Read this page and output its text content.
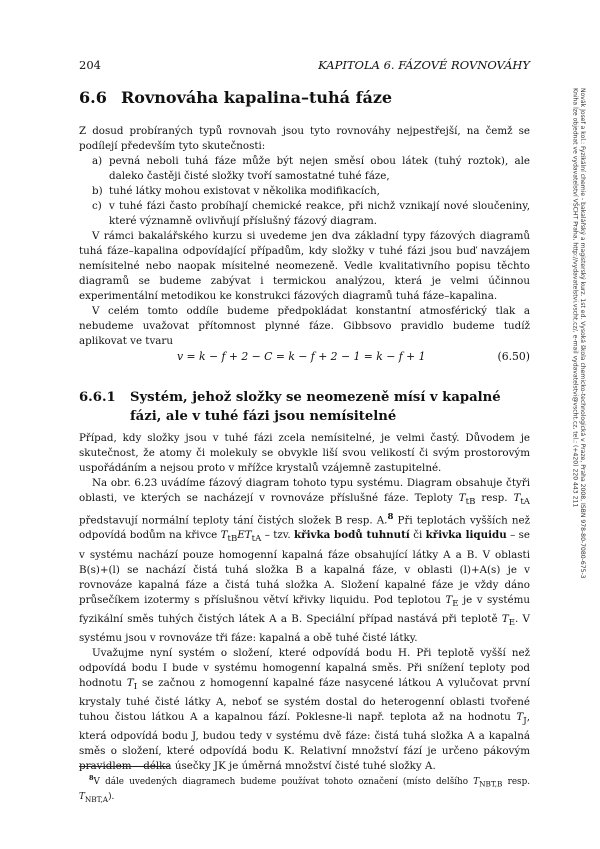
204	KAPITOLA 6. FÁZOVÉ ROVNOVÁHY
Novák Josef a kol.: Fyzikální chemie - bakalářský a magisterský kurz. 1st ed. Vysoká škola chemicko-technologická v Praze, Praha 2008, ISBN 978-80-7080-675-3
Kniha lze objednat ve vydavatelství VŠCHT Praha, http://vydavatelstvi.vscht.cz/, e-mail vydavatelstvi@vscht.cz, tel.: (+420) 220 443 211
6.6 Rovnováha kapalina–tuhá fáze

Z dosud probíraných typů rovnovah jsou tyto rovnováhy nejpestřejší, na čemž se podílejí především tyto skutečnosti:

a) pevná neboli tuhá fáze může být nejen směsí obou látek (tuhý roztok), ale daleko častěji čisté složky tvoří samostatné tuhé fáze,
b) tuhé látky mohou existovat v několika modifikacích,
c) v tuhé fázi často probíhají chemické reakce, při nichž vznikají nové sloučeniny, které významně ovlivňují příslušný fázový diagram.

V rámci bakalářského kurzu si uvedeme jen dva základní typy fázových diagramů tuhá fáze–kapalina odpovídající případům, kdy složky v tuhé fázi jsou buď navzájem nemísitelné nebo naopak mísitelné neomezeně. Vedle kvalitativního popisu těchto diagramů se budeme zabývat i termickou analýzou, která je velmi účinnou experimentální metodikou ke konstrukci fázových diagramů tuhá fáze–kapalina.

V celém tomto oddíle budeme předpokládat konstantní atmosférický tlak a nebudeme uvažovat přítomnost plynné fáze. Gibbsovo pravidlo budeme tudíž aplikovat ve tvaru

v = k − f + 2 − C = k − f + 2 − 1 = k − f + 1	(6.50)
6.6.1 Systém, jehož složky se neomezeně mísí v kapalné fázi, ale v tuhé fázi jsou nemísitelné

Případ, kdy složky jsou v tuhé fázi zcela nemísitelné, je velmi častý. Důvodem je skutečnost, že atomy či molekuly se obvykle liší svou velikostí či svým prostorovým uspořádáním a nejsou proto v mřížce krystalů vzájemně zastupitelné.

Na obr. 6.23 uvádíme fázový diagram tohoto typu systému. Diagram obsahuje čtyři oblasti, ve kterých se nacházejí v rovnováze příslušné fáze. Teploty $T_{tB}$ resp. $T_{tA}$ představují normální teploty tání čistých složek B resp. A.$^8$ Při teplotách vyšších než odpovídá bodům na křivce $T_{tB}ET_{tA}$ – tzv. křivka bodů tuhnutí či křivka liquidu – se v systému nachází pouze homogenní kapalná fáze obsahující látky A a B. V oblasti B(s)+(l) se nachází čistá tuhá složka B a kapalná fáze, v oblasti (l)+A(s) je v rovnováze kapalná fáze a čistá tuhá složka A. Složení kapalné fáze je vždy dáno průsečíkem izotermy s příslušnou větví křivky liquidu. Pod teplotou $T_E$ je v systému fyzikální směs tuhých čistých látek A a B. Speciální případ nastává při teplotě $T_E$. V systému jsou v rovnováze tři fáze: kapalná a obě tuhé čisté látky.

Uvažujme nyní systém o složení, které odpovídá bodu H. Při teplotě vyšší než odpovídá bodu I bude v systému homogenní kapalná směs. Při snížení teploty pod hodnotu $T_I$ se začnou z homogenní kapalné fáze nasycené látkou A vylučovat první krystaly tuhé čisté látky A, neboť se systém dostal do heterogenní oblasti tvořené tuhou čistou látkou A a kapalnou fází. Poklesne-li např. teplota až na hodnotu $T_J$, která odpovídá bodu J, budou tedy v systému dvě fáze: čistá tuhá složka A a kapalná směs o složení, které odpovídá bodu K. Relativní množství fází je určeno pákovým pravidlem – délka úsečky JK je úměrná množství čisté tuhé složky A.

$^8$V dále uvedených diagramech budeme používat tohoto označení (místo delšího $T_{NBT,B}$ resp. $T_{NBT,A}$).
